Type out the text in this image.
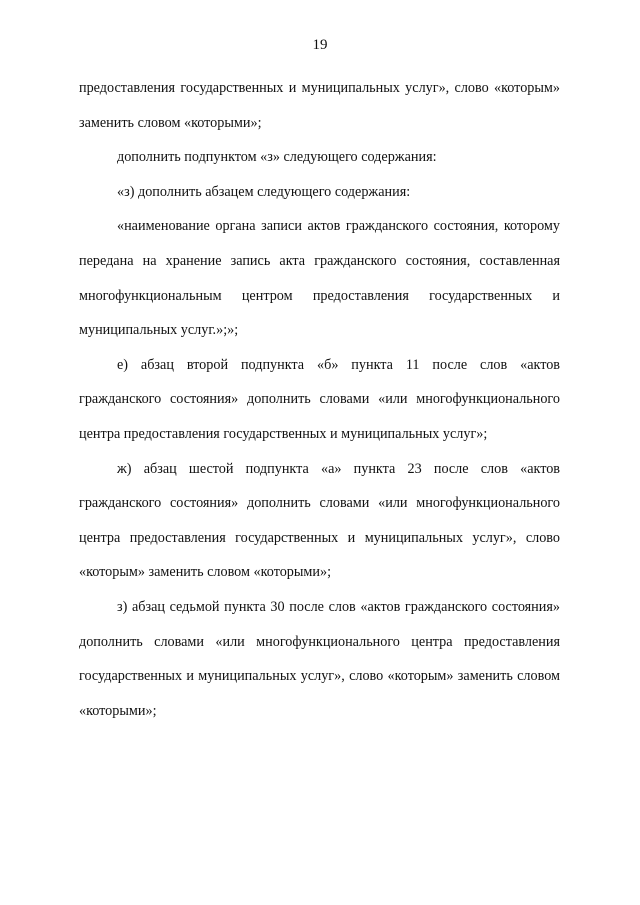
19

предоставления государственных и муниципальных услуг», слово «которым» заменить словом «которыми»;

дополнить подпунктом «з» следующего содержания:

«з) дополнить абзацем следующего содержания:

«наименование органа записи актов гражданского состояния, которому передана на хранение запись акта гражданского состояния, составленная многофункциональным центром предоставления государственных и муниципальных услуг.»;»;

е) абзац второй подпункта «б» пункта 11 после слов «актов гражданского состояния» дополнить словами «или многофункционального центра предоставления государственных и муниципальных услуг»;

ж) абзац шестой подпункта «а» пункта 23 после слов «актов гражданского состояния» дополнить словами «или многофункционального центра предоставления государственных и муниципальных услуг», слово «которым» заменить словом «которыми»;

з) абзац седьмой пункта 30 после слов «актов гражданского состояния» дополнить словами «или многофункционального центра предоставления государственных и муниципальных услуг», слово «которым» заменить словом «которыми»;
